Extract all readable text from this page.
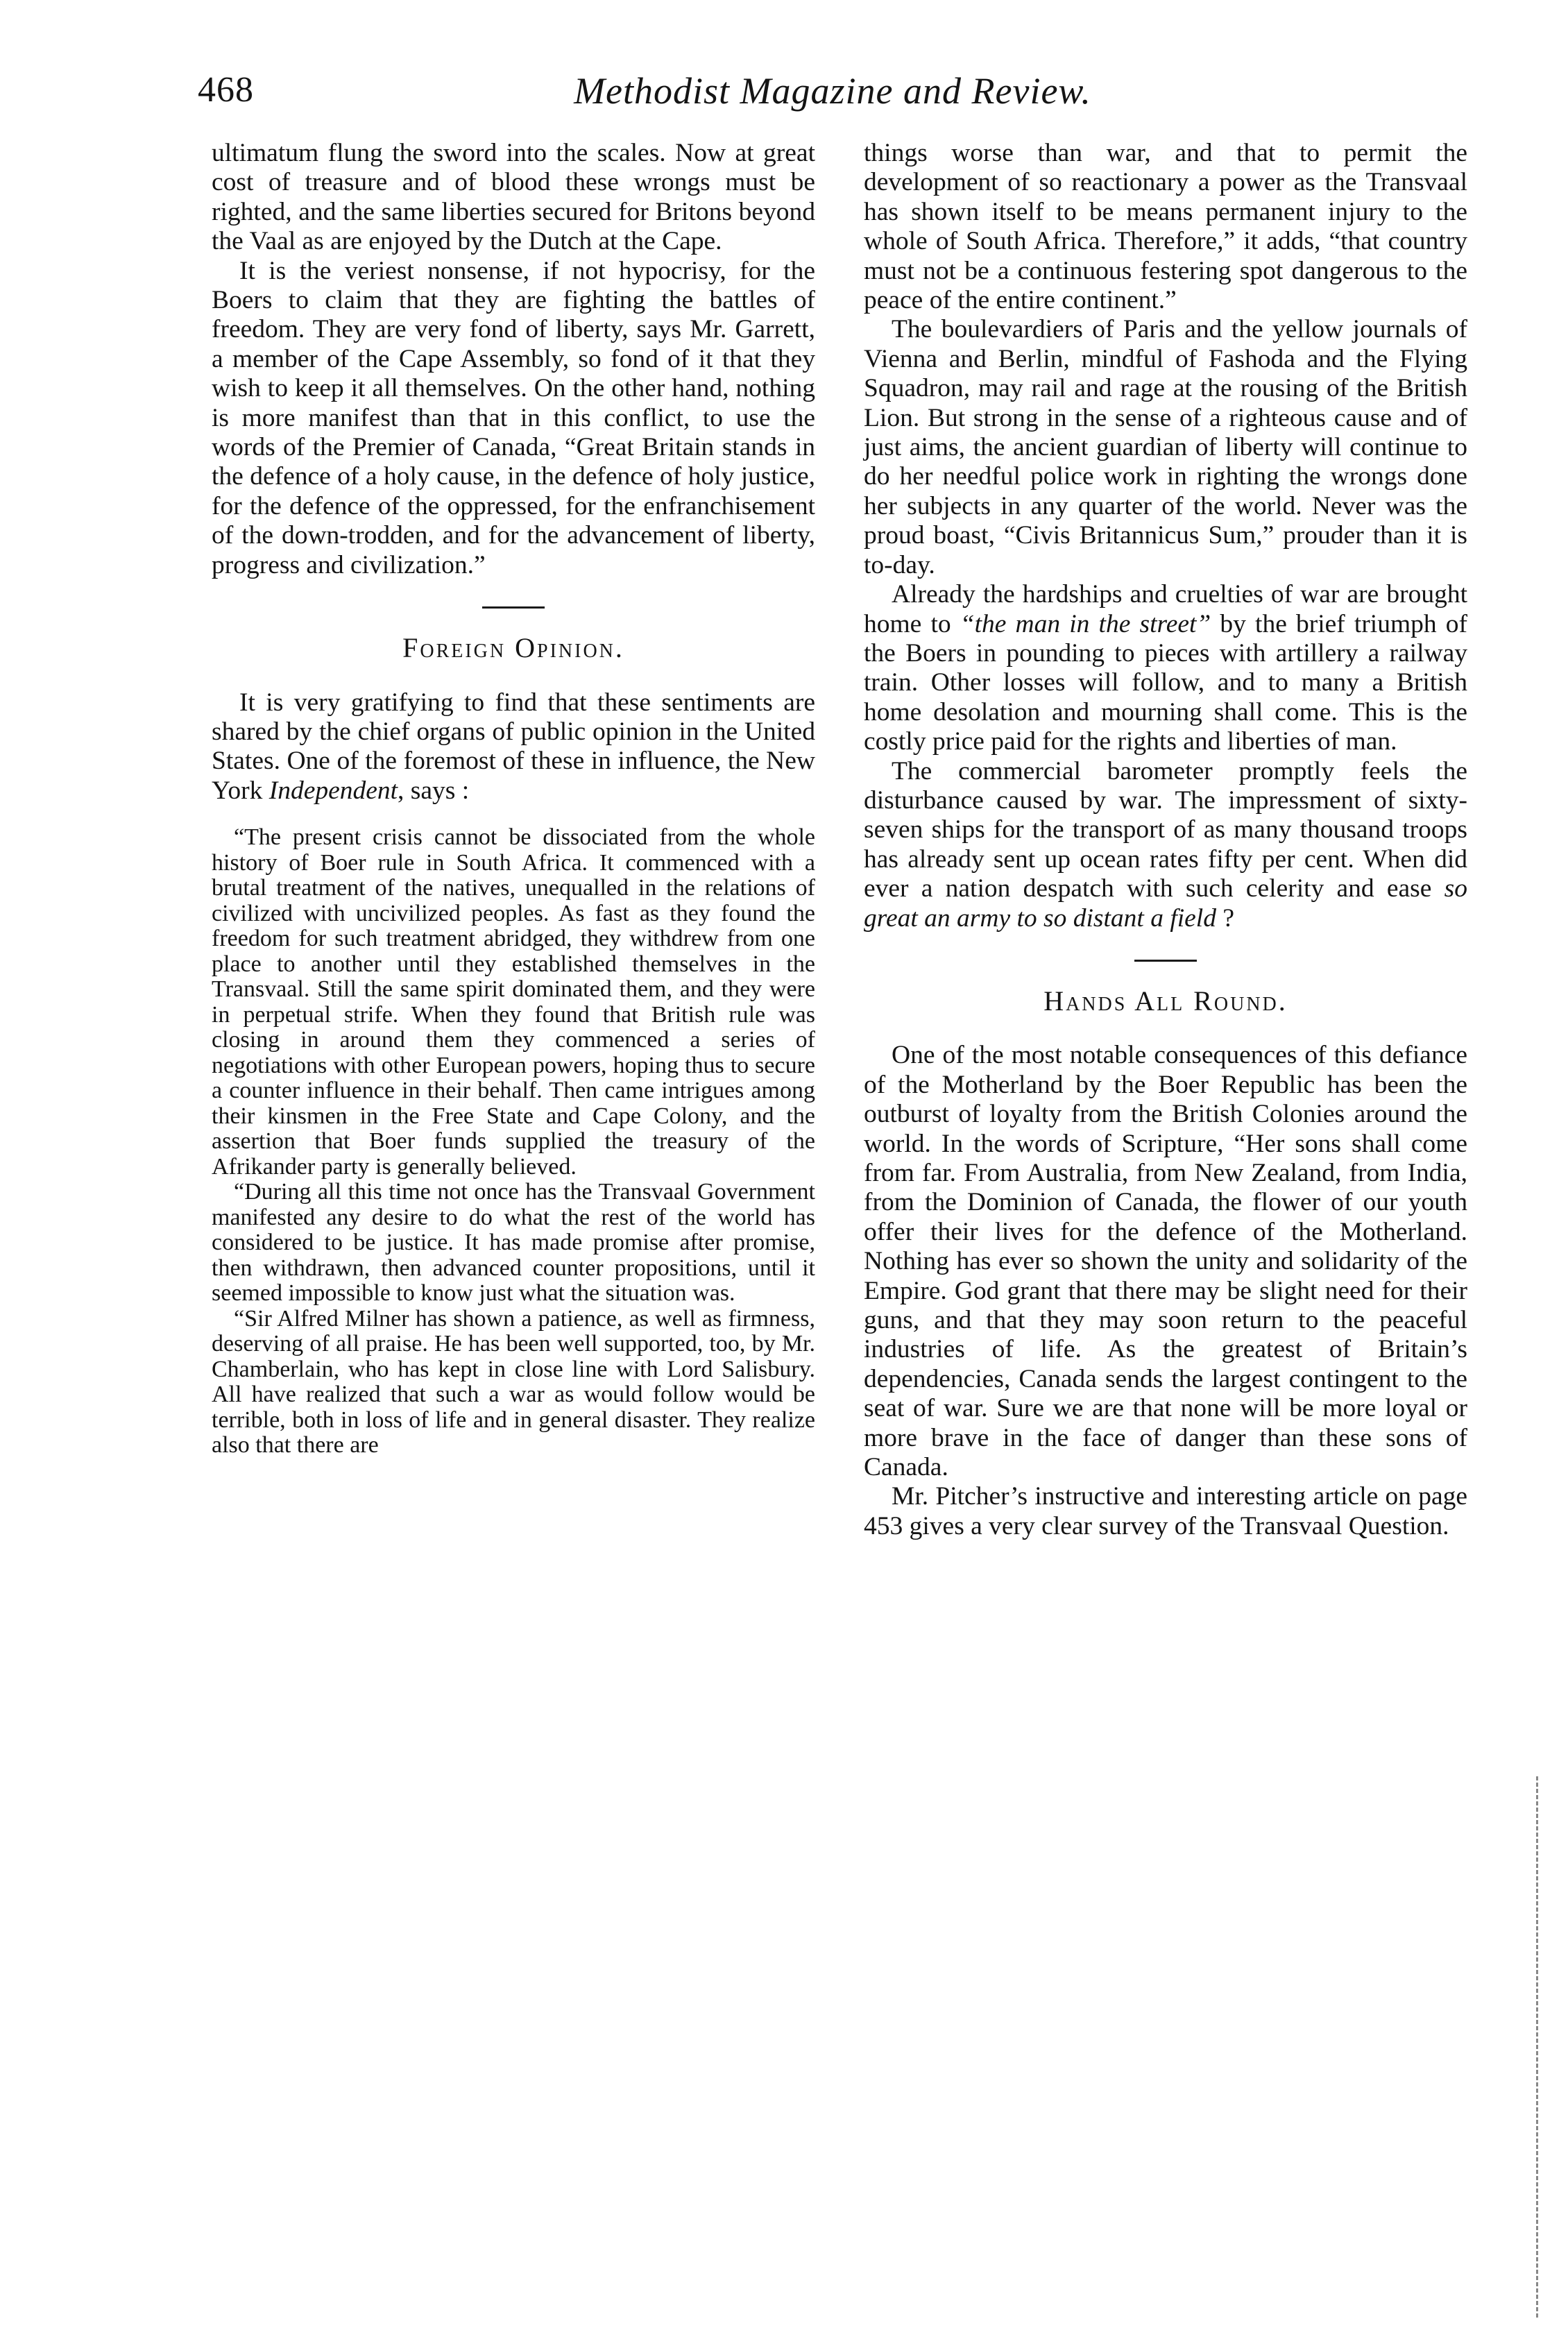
468	Methodist Magazine and Review.

ultimatum flung the sword into the scales. Now at great cost of treasure and of blood these wrongs must be righted, and the same liberties secured for Britons beyond the Vaal as are enjoyed by the Dutch at the Cape.

It is the veriest nonsense, if not hypocrisy, for the Boers to claim that they are fighting the battles of freedom. They are very fond of liberty, says Mr. Garrett, a member of the Cape Assembly, so fond of it that they wish to keep it all themselves. On the other hand, nothing is more manifest than that in this conflict, to use the words of the Premier of Canada, “Great Britain stands in the defence of a holy cause, in the defence of holy justice, for the defence of the oppressed, for the enfranchisement of the down-trodden, and for the advancement of liberty, progress and civilization.”

Foreign Opinion.

It is very gratifying to find that these sentiments are shared by the chief organs of public opinion in the United States. One of the foremost of these in influence, the New York Independent, says :

“The present crisis cannot be dissociated from the whole history of Boer rule in South Africa. It commenced with a brutal treatment of the natives, unequalled in the relations of civilized with uncivilized peoples. As fast as they found the freedom for such treatment abridged, they withdrew from one place to another until they established themselves in the Transvaal. Still the same spirit dominated them, and they were in perpetual strife. When they found that British rule was closing in around them they commenced a series of negotiations with other European powers, hoping thus to secure a counter influence in their behalf. Then came intrigues among their kinsmen in the Free State and Cape Colony, and the assertion that Boer funds supplied the treasury of the Afrikander party is generally believed.

“During all this time not once has the Transvaal Government manifested any desire to do what the rest of the world has considered to be justice. It has made promise after promise, then withdrawn, then advanced counter propositions, until it seemed impossible to know just what the situation was.

“Sir Alfred Milner has shown a patience, as well as firmness, deserving of all praise. He has been well supported, too, by Mr. Chamberlain, who has kept in close line with Lord Salisbury. All have realized that such a war as would follow would be terrible, both in loss of life and in general disaster. They realize also that there are

things worse than war, and that to permit the development of so reactionary a power as the Transvaal has shown itself to be means permanent injury to the whole of South Africa. Therefore,” it adds, “that country must not be a continuous festering spot dangerous to the peace of the entire continent.”

The boulevardiers of Paris and the yellow journals of Vienna and Berlin, mindful of Fashoda and the Flying Squadron, may rail and rage at the rousing of the British Lion. But strong in the sense of a righteous cause and of just aims, the ancient guardian of liberty will continue to do her needful police work in righting the wrongs done her subjects in any quarter of the world. Never was the proud boast, “Civis Britannicus Sum,” prouder than it is to-day.

Already the hardships and cruelties of war are brought home to “the man in the street” by the brief triumph of the Boers in pounding to pieces with artillery a railway train. Other losses will follow, and to many a British home desolation and mourning shall come. This is the costly price paid for the rights and liberties of man.

The commercial barometer promptly feels the disturbance caused by war. The impressment of sixty-seven ships for the transport of as many thousand troops has already sent up ocean rates fifty per cent. When did ever a nation despatch with such celerity and ease so great an army to so distant a field ?

Hands All Round.

One of the most notable consequences of this defiance of the Motherland by the Boer Republic has been the outburst of loyalty from the British Colonies around the world. In the words of Scripture, “Her sons shall come from far. From Australia, from New Zealand, from India, from the Dominion of Canada, the flower of our youth offer their lives for the defence of the Motherland. Nothing has ever so shown the unity and solidarity of the Empire. God grant that there may be slight need for their guns, and that they may soon return to the peaceful industries of life. As the greatest of Britain’s dependencies, Canada sends the largest contingent to the seat of war. Sure we are that none will be more loyal or more brave in the face of danger than these sons of Canada.

Mr. Pitcher’s instructive and interesting article on page 453 gives a very clear survey of the Transvaal Question.
